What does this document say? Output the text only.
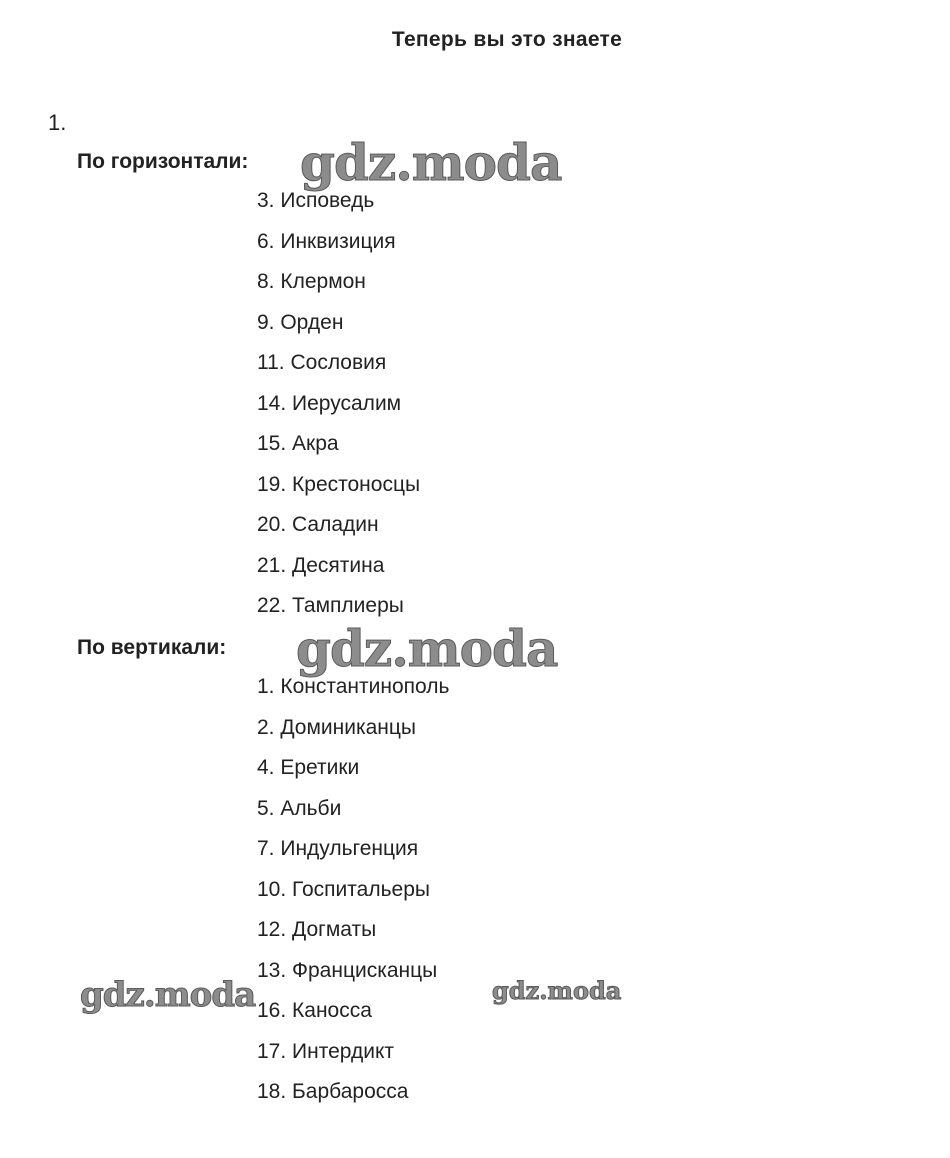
Теперь вы это знаете
1.
По горизонтали: gdz.moda
3. Исповедь
6. Инквизиция
8. Клермон
9. Орден
11. Сословия
14. Иерусалим
15. Акра
19. Крестоносцы
20. Саладин
21. Десятина
22. Тамплиеры
По вертикали: gdz.moda
1. Константинополь
2. Доминиканцы
4. Еретики
5. Альби
7. Индульгенция
10. Госпитальеры
12. Догматы
13. Францисканцы
16. Каносса
17. Интердикт
18. Барбаросса
gdz.moda	gdz.moda
